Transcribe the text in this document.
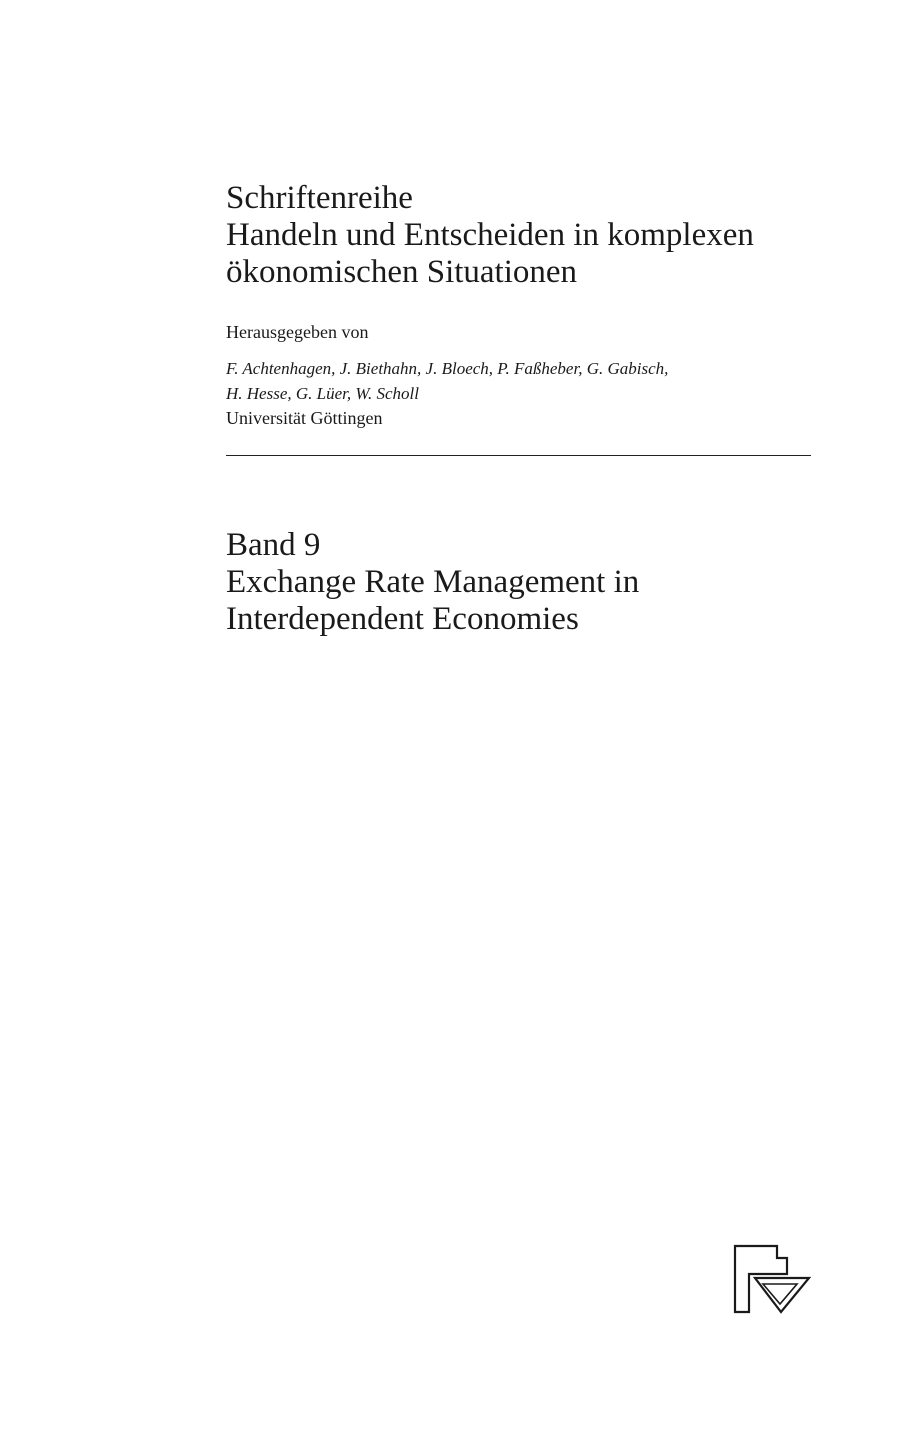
Schriftenreihe
Handeln und Entscheiden in komplexen
ökonomischen Situationen
Herausgegeben von
F. Achtenhagen, J. Biethahn, J. Bloech, P. Faßheber, G. Gabisch,
H. Hesse, G. Lüer, W. Scholl
Universität Göttingen
Band 9
Exchange Rate Management in
Interdependent Economies
